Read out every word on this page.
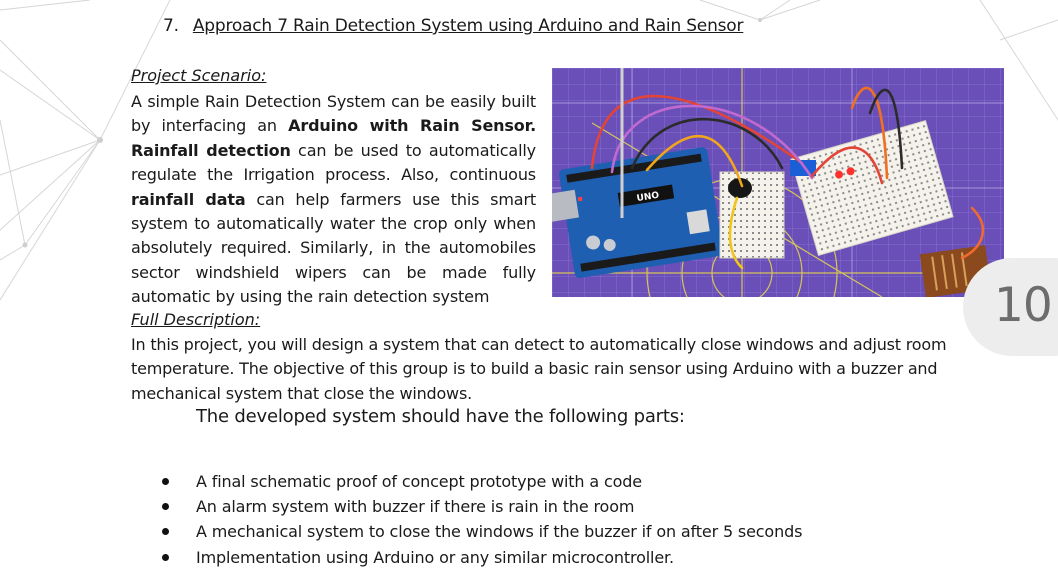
7. Approach 7 Rain Detection System using Arduino and Rain Sensor
Project Scenario:
A simple Rain Detection System can be easily built by interfacing an Arduino with Rain Sensor. Rainfall detection can be used to automatically regulate the Irrigation process. Also, continuous rainfall data can help farmers use this smart system to automatically water the crop only when absolutely required. Similarly, in the automobiles sector windshield wipers can be made fully automatic by using the rain detection system
UNO
10
Full Description:
In this project, you will design a system that can detect to automatically close windows and adjust room temperature. The objective of this group is to build a basic rain sensor using Arduino with a buzzer and mechanical system that close the windows.
The developed system should have the following parts:
A final schematic proof of concept prototype with a code
An alarm system with buzzer if there is rain in the room
A mechanical system to close the windows if the buzzer if on after 5 seconds
Implementation using Arduino or any similar microcontroller.
